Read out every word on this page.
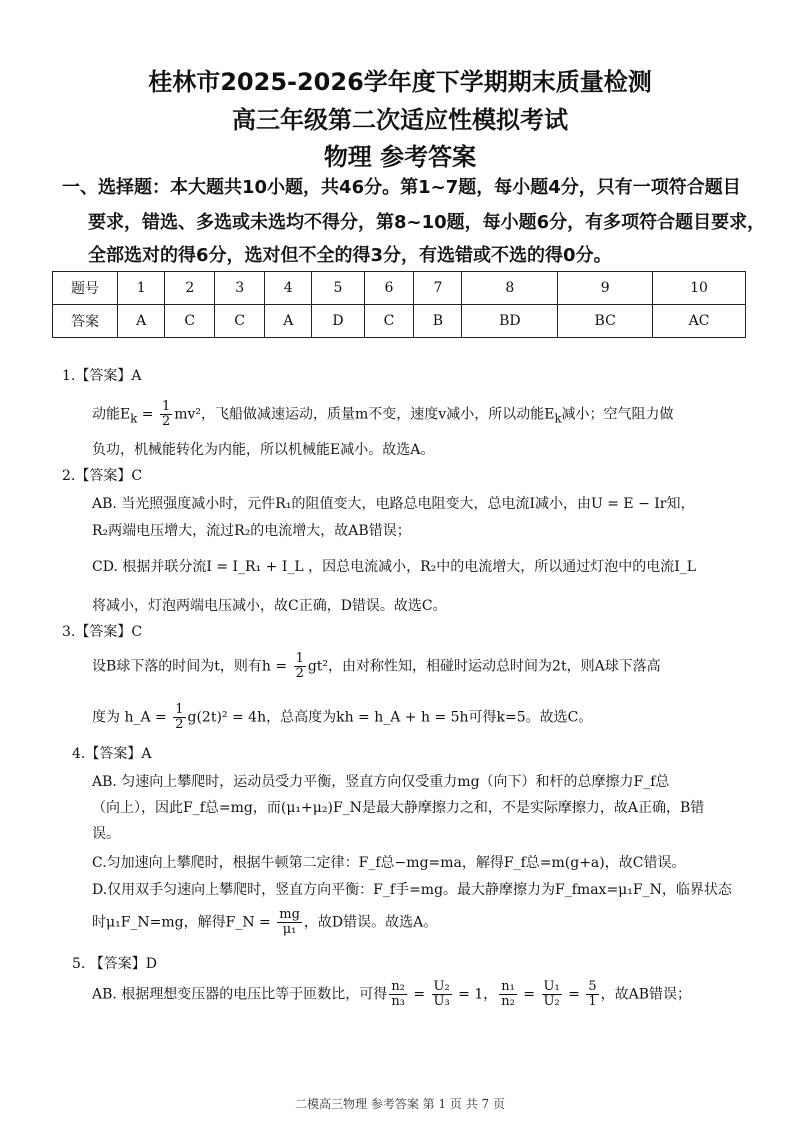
桂林市2025-2026学年度下学期期末质量检测
高三年级第二次适应性模拟考试
物理 参考答案
一、选择题：本大题共10小题，共46分。第1~7题，每小题4分，只有一项符合题目
要求，错选、多选或未选均不得分，第8~10题，每小题6分，有多项符合题目要求，
全部选对的得6分，选对但不全的得3分，有选错或不选的得0分。
题号	1	2	3	4	5	6	7	8	9	10
答案	A	C	C	A	D	C	B	BD	BC	AC
1.【答案】A
动能$E_k = \frac{1}{2} mv^2$，飞船做减速运动，质量m不变，速度v减小，所以动能$E_k$减小；空气阻力做
负功，机械能转化为内能，所以机械能E减小。故选A。
2.【答案】C
AB. 当光照强度减小时，元件R₁的阻值变大，电路总电阻变大，总电流I减小，由U = E − Ir知，
R₂两端电压增大，流过R₂的电流增大，故AB错误；
CD. 根据并联分流I = I_R₁ + I_L ，因总电流减小，R₂中的电流增大，所以通过灯泡中的电流I_L
将减小，灯泡两端电压减小，故C正确，D错误。故选C。
3.【答案】C
设B球下落的时间为t，则有$h = \frac{1}{2} gt^2$，由对称性知，相碰时运动总时间为2t，则A球下落高
度为 h_A = $\frac{1}{2} g(2t)^2 = 4h$，总高度为kh = h_A + h = 5h可得k=5。故选C。
4.【答案】A
AB. 匀速向上攀爬时，运动员受力平衡，竖直方向仅受重力mg（向下）和杆的总摩擦力F_f总
（向上），因此F_f总=mg，而(μ₁+μ₂)F_N是最大静摩擦力之和，不是实际摩擦力，故A正确，B错
误。
C.匀加速向上攀爬时，根据牛顿第二定律：F_f总−mg=ma，解得F_f总=m(g+a)，故C错误。
D.仅用双手匀速向上攀爬时，竖直方向平衡：F_f手=mg。最大静摩擦力为F_fmax=μ₁F_N，临界状态
时μ₁F_N=mg，解得F_N = $\frac{mg}{\text{μ₁}}$ ，故D错误。故选A。
5. 【答案】D
AB. 根据理想变压器的电压比等于匝数比，可得 $\frac{\text{n₂}}{\text{n₃}} = \frac{\text{U₂}}{\text{U₃}} = 1$， $\frac{\text{n₁}}{\text{n₂}} = \frac{\text{U₁}}{\text{U₂}} = \frac{5}{1}$ ，故AB错误；
二模高三物理 参考答案 第 1 页 共 7 页
